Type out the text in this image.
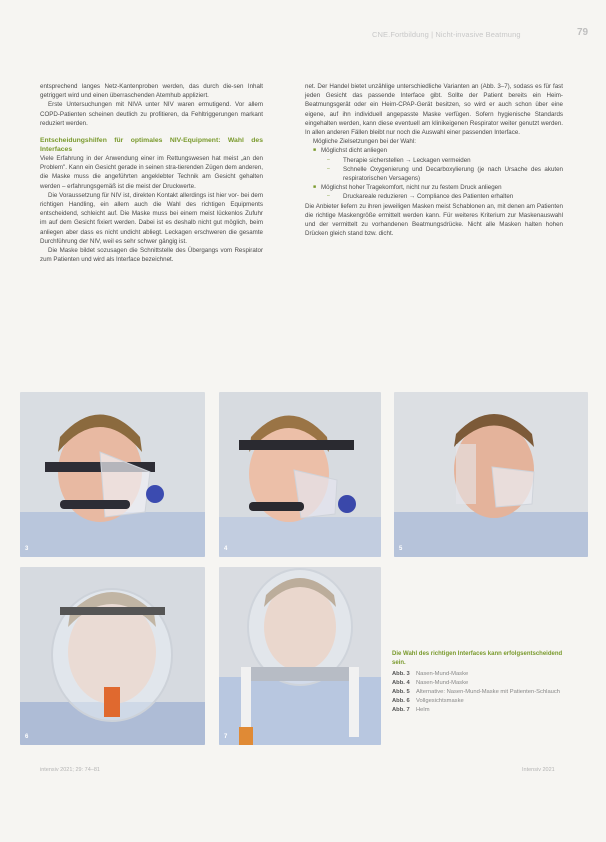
CNE.Fortbildung | Nicht-invasive Beatmung	79

entsprechend langes Netz-Kantenproben werden, das durch die-sen Inhalt getriggert wird und einen überraschenden Atemhub appliziert.

Erste Untersuchungen mit NIVA unter NIV waren ermutigend. Vor allem COPD-Patienten scheinen deutlich zu profitieren, da Fehltriggerungen markant reduziert werden.

Entscheidungshilfen für optimales NIV-Equipment: Wahl des Interfaces

Viele Erfahrung in der Anwendung einer im Rettungswesen hat meist „an den Problem". Kann ein Gesicht gerade in seinen stra-tierenden Zügen dem anderen, die Maske muss die angeführten angeklebter Technik am Gesicht gehalten werden – erfahrungsgemäß ist die meist der Druckwerte.

Die Voraussetzung für NIV ist, direkten Kontakt allerdings ist hier vor- bei dem richtigen Handling, ein allem auch die Wahl des richtigen Equipments entscheidend, schleicht auf. Die Maske muss bei einem meist lückenlos Zufuhr im auf dem Gesicht fixiert werden. Dabei ist es deshalb nicht gut möglich, beim anliegen aber dass es nicht undicht abliegt. Leckagen erschweren die gesamte Durchführung der NIV, weil es sehr schwer gängig ist.

Die Maske bildet sozusagen die Schnittstelle des Übergangs vom Respirator zum Patienten und wird als Interface bezeichnet.

net. Der Handel bietet unzählige unterschiedliche Varianten an (Abb. 3–7), sodass es für fast jeden Gesicht das passende Interface gibt. Sollte der Patient bereits ein Heim-Beatmungsgerät oder ein Heim-CPAP-Gerät besitzen, so wird er auch schon über eine eigene, auf ihn individuell angepasste Maske verfügen. Sofern hygienische Standards eingehalten werden, kann diese eventuell am klinikeigenen Respirator weiter genutzt werden. In allen anderen Fällen bleibt nur noch die Auswahl einer passenden Interface.

Mögliche Zielsetzungen bei der Wahl:

■ Möglichst dicht anliegen
– Therapie sicherstellen → Leckagen vermeiden
– Schnelle Oxygenierung und Decarboxylierung (je nach Ursache des akuten respiratorischen Versagens)
■ Möglichst hoher Tragekomfort, nicht nur zu festem Druck anliegen
– Druckareale reduzieren → Compliance des Patienten erhalten

Die Anbieter liefern zu ihren jeweiligen Masken meist Schablonen an, mit denen am Patienten die richtige Maskengröße ermittelt werden kann. Für weiteres Kriterium zur Maskenauswahl und der vermittelt zu vorhandenen Beatmungsdrücke. Nicht alle Masken halten hohen Drücken gleich stand bzw. dicht.

3	4	5
6	7
Die Wahl des richtigen Interfaces kann erfolgsentscheidend sein.
Abb. 3	Nasen-Mund-Maske
Abb. 4	Nasen-Mund-Maske
Abb. 5	Alternative: Nasen-Mund-Maske mit Patienten-Schlauch
Abb. 6	Vollgesichtsmaske
Abb. 7	Helm
intensiv 2021; 29: 74–81	Intensiv 2021
